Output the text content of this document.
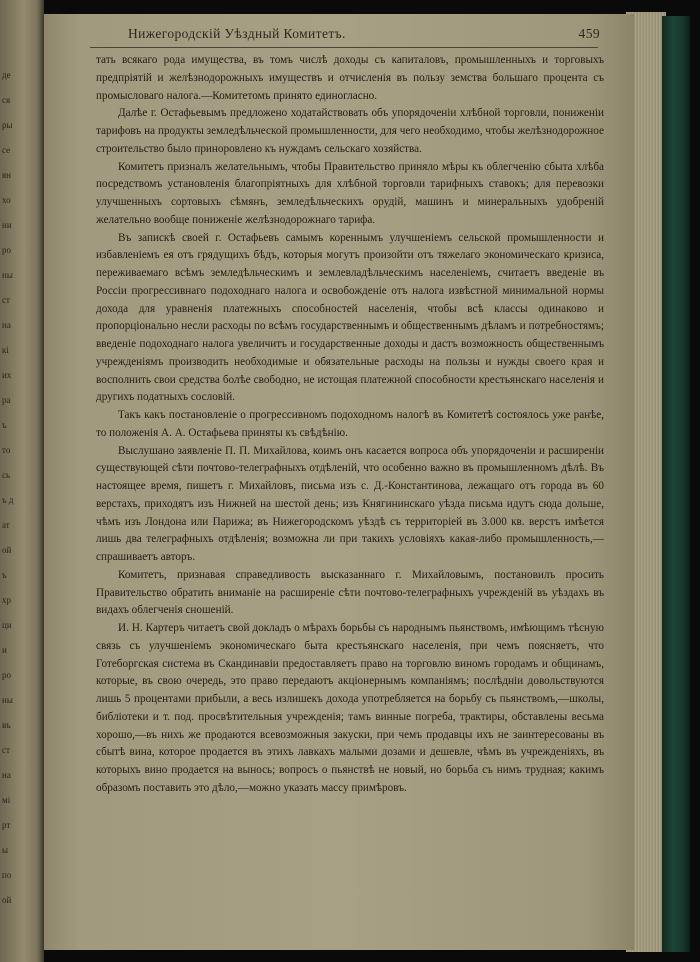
де
ся
ры
се
ян
хо
ни
ро
ны
ст
на
кі
их
ра
ъ
то
сь
ъ д
ат
ой
ъ
хр
ци
и
ро
ны
въ
ст
на
мі
рт
ы
по
ой
Нижегородскій Уѣздный Комитетъ.	459

тать всякаго рода имущества, въ томъ числѣ доходы съ капиталовъ, промышленныхъ и торговыхъ предпріятій и желѣзнодорожныхъ имуществъ и отчисленія въ пользу земства большаго процента съ промысловаго налога.—Комитетомъ принято единогласно.

Далѣе г. Остафьевымъ предложено ходатайствовать объ упорядоченіи хлѣбной торговли, пониженіи тарифовъ на продукты земледѣльческой промышленности, для чего необходимо, чтобы желѣзнодорожное строительство было приноровлено къ нуждамъ сельскаго хозяйства.

Комитетъ призналъ желательнымъ, чтобы Правительство приняло мѣры къ облегченію сбыта хлѣба посредствомъ установленія благопріятныхъ для хлѣбной торговли тарифныхъ ставокъ; для перевозки улучшенныхъ сортовыхъ сѣмянъ, земледѣльческихъ орудій, машинъ и минеральныхъ удобреній желательно вообще пониженіе желѣзнодорожнаго тарифа.

Въ запискѣ своей г. Остафьевъ самымъ кореннымъ улучшеніемъ сельской промышленности и избавленіемъ ея отъ грядущихъ бѣдъ, которыя могутъ произойти отъ тяжелаго экономическаго кризиса, переживаемаго всѣмъ земледѣльческимъ и землевладѣльческимъ населеніемъ, считаетъ введеніе въ Россіи прогрессивнаго подоходнаго налога и освобожденіе отъ налога извѣстной минимальной нормы дохода для уравненія платежныхъ способностей населенія, чтобы всѣ классы одинаково и пропорціонально несли расходы по всѣмъ государственнымъ и общественнымъ дѣламъ и потребностямъ; введеніе подоходнаго налога увеличитъ и государственные доходы и дастъ возможность общественнымъ учрежденіямъ производить необходимые и обязательные расходы на пользы и нужды своего края и восполнить свои средства болѣе свободно, не истощая платежной способности крестьянскаго населенія и другихъ податныхъ сословій.

Такъ какъ постановленіе о прогрессивномъ подоходномъ налогѣ въ Комитетѣ состоялось уже ранѣе, то положенія А. А. Остафьева приняты къ свѣдѣнію.

Выслушано заявленіе П. П. Михайлова, коимъ онъ касается вопроса объ упорядоченіи и расширеніи существующей сѣти почтово-телеграфныхъ отдѣленій, что особенно важно въ промышленномъ дѣлѣ. Въ настоящее время, пишетъ г. Михайловъ, письма изъ с. Д.-Константинова, лежащаго отъ города въ 60 верстахъ, приходятъ изъ Нижней на шестой день; изъ Княгининскаго уѣзда письма идутъ сюда дольше, чѣмъ изъ Лондона или Парижа; въ Нижегородскомъ уѣздѣ съ территоріей въ 3.000 кв. верстъ имѣется лишь два телеграфныхъ отдѣленія; возможна ли при такихъ условіяхъ какая-либо промышленность,—спрашиваетъ авторъ.

Комитетъ, признавая справедливость высказаннаго г. Михайловымъ, постановилъ просить Правительство обратить вниманіе на расширеніе сѣти почтово-телеграфныхъ учрежденій въ уѣздахъ въ видахъ облегченія сношеній.

И. Н. Картеръ читаетъ свой докладъ о мѣрахъ борьбы съ народнымъ пьянствомъ, имѣющимъ тѣсную связь съ улучшеніемъ экономическаго быта крестьянскаго населенія, при чемъ поясняетъ, что Готеборгская система въ Скандинавіи предоставляетъ право на торговлю виномъ городамъ и общинамъ, которые, въ свою очередь, это право передаютъ акціонернымъ компаніямъ; послѣдніи довольствуются лишь 5 процентами прибыли, а весь излишекъ дохода употребляется на борьбу съ пьянствомъ,—школы, библіотеки и т. под. просвѣтительныя учрежденія; тамъ винные погреба, трактиры, обставлены весьма хорошо,—въ нихъ же продаются всевозможныя закуски, при чемъ продавцы ихъ не заинтересованы въ сбытѣ вина, которое продается въ этихъ лавкахъ малыми дозами и дешевле, чѣмъ въ учрежденіяхъ, въ которыхъ вино продается на вынось; вопросъ о пьянствѣ не новый, но борьба съ нимъ трудная; какимъ образомъ поставить это дѣло,—можно указать массу примѣровъ.
